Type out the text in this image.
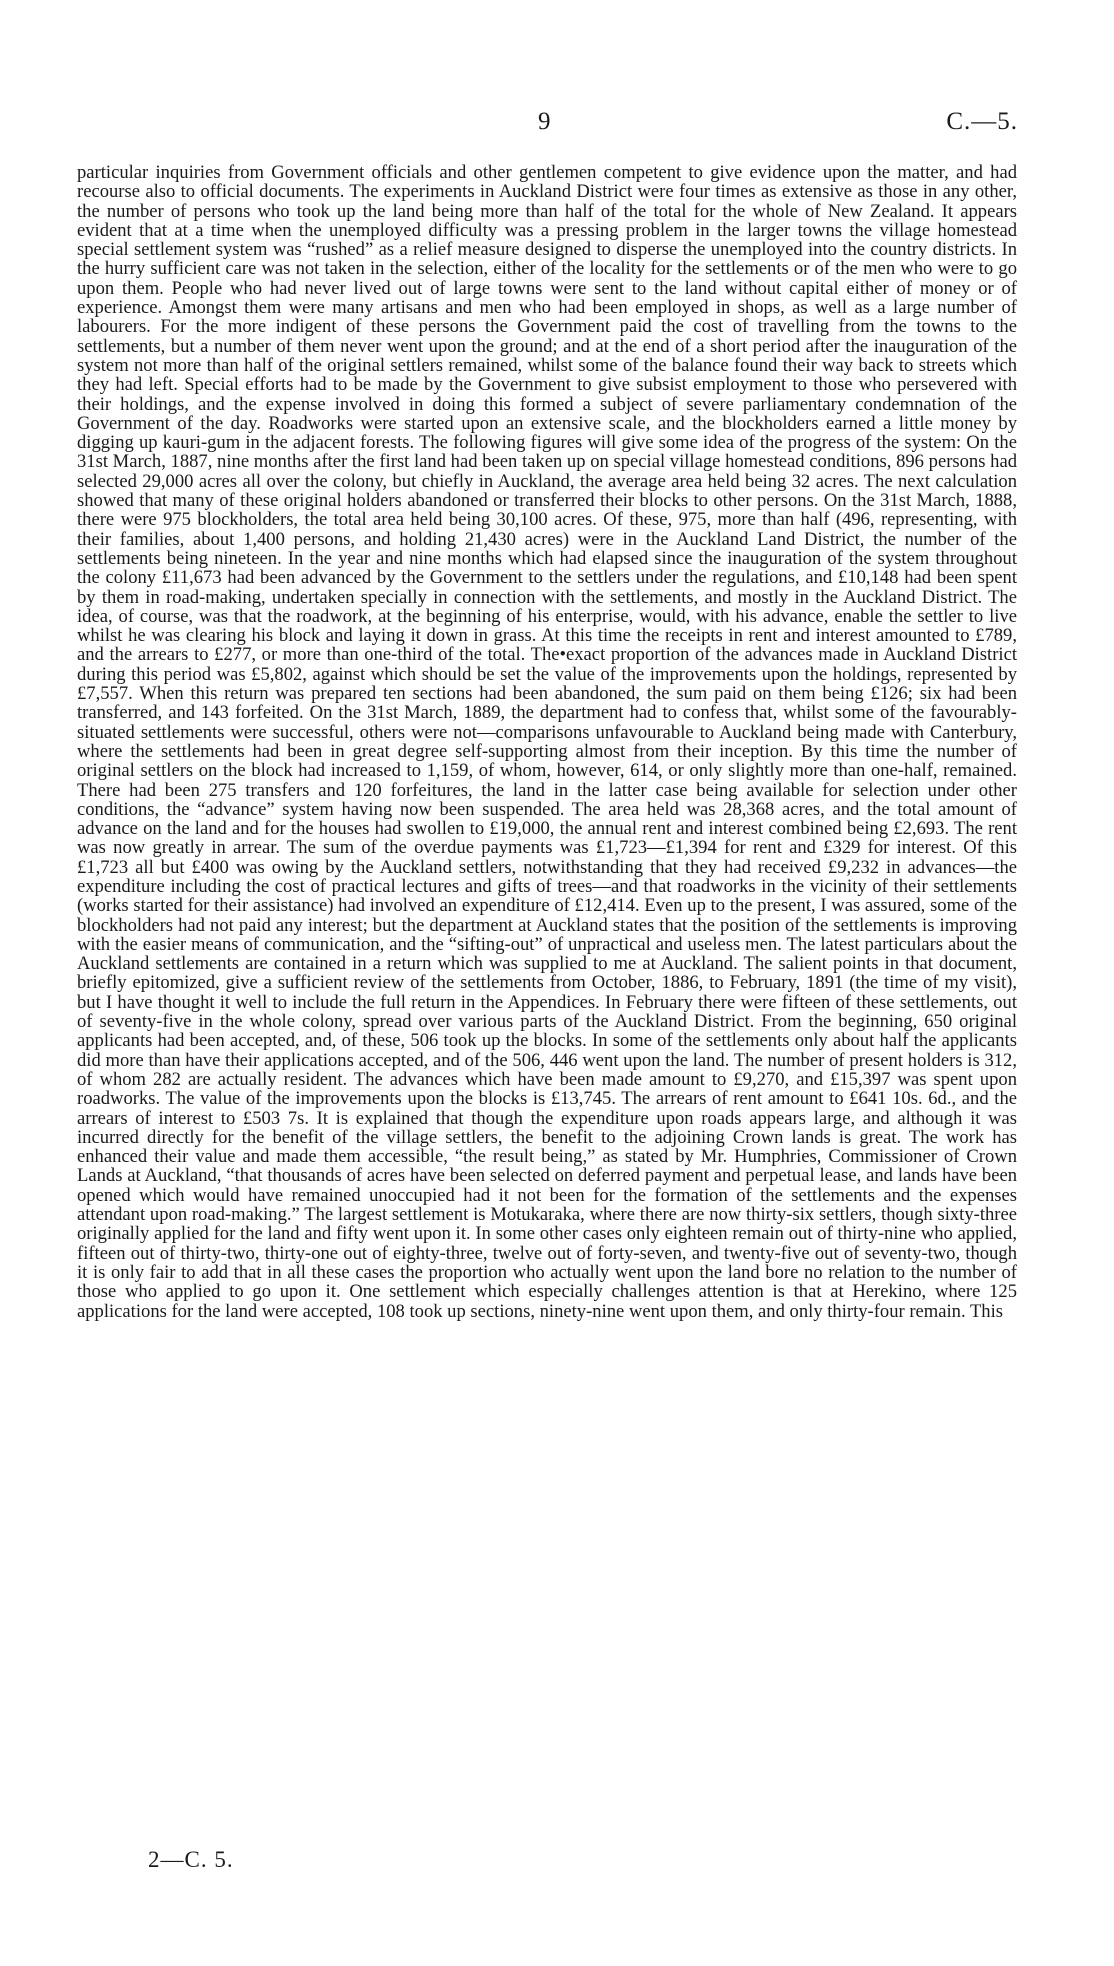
9	C.—5.

particular inquiries from Government officials and other gentlemen competent to give evidence upon the matter, and had recourse also to official documents. The experiments in Auckland District were four times as extensive as those in any other, the number of persons who took up the land being more than half of the total for the whole of New Zealand. It appears evident that at a time when the unemployed difficulty was a pressing problem in the larger towns the village homestead special settlement system was “rushed” as a relief measure designed to disperse the unemployed into the country districts. In the hurry sufficient care was not taken in the selection, either of the locality for the settlements or of the men who were to go upon them. People who had never lived out of large towns were sent to the land without capital either of money or of experience. Amongst them were many artisans and men who had been employed in shops, as well as a large number of labourers. For the more indigent of these persons the Government paid the cost of travelling from the towns to the settlements, but a number of them never went upon the ground; and at the end of a short period after the inauguration of the system not more than half of the original settlers remained, whilst some of the balance found their way back to streets which they had left. Special efforts had to be made by the Government to give subsist employment to those who persevered with their holdings, and the expense involved in doing this formed a subject of severe parliamentary condemnation of the Government of the day. Roadworks were started upon an extensive scale, and the blockholders earned a little money by digging up kauri-gum in the adjacent forests. The following figures will give some idea of the progress of the system: On the 31st March, 1887, nine months after the first land had been taken up on special village homestead conditions, 896 persons had selected 29,000 acres all over the colony, but chiefly in Auckland, the average area held being 32 acres. The next calculation showed that many of these original holders abandoned or transferred their blocks to other persons. On the 31st March, 1888, there were 975 blockholders, the total area held being 30,100 acres. Of these, 975, more than half (496, representing, with their families, about 1,400 persons, and holding 21,430 acres) were in the Auckland Land District, the number of the settlements being nineteen. In the year and nine months which had elapsed since the inauguration of the system throughout the colony £11,673 had been advanced by the Government to the settlers under the regulations, and £10,148 had been spent by them in road-making, undertaken specially in connection with the settlements, and mostly in the Auckland District. The idea, of course, was that the roadwork, at the beginning of his enterprise, would, with his advance, enable the settler to live whilst he was clearing his block and laying it down in grass. At this time the receipts in rent and interest amounted to £789, and the arrears to £277, or more than one-third of the total. The•exact proportion of the advances made in Auckland District during this period was £5,802, against which should be set the value of the improvements upon the holdings, represented by £7,557. When this return was prepared ten sections had been abandoned, the sum paid on them being £126; six had been transferred, and 143 forfeited. On the 31st March, 1889, the department had to confess that, whilst some of the favourably-situated settlements were successful, others were not—comparisons unfavourable to Auckland being made with Canterbury, where the settlements had been in great degree self-supporting almost from their inception. By this time the number of original settlers on the block had increased to 1,159, of whom, however, 614, or only slightly more than one-half, remained. There had been 275 transfers and 120 forfeitures, the land in the latter case being available for selection under other conditions, the “advance” system having now been suspended. The area held was 28,368 acres, and the total amount of advance on the land and for the houses had swollen to £19,000, the annual rent and interest combined being £2,693. The rent was now greatly in arrear. The sum of the overdue payments was £1,723—£1,394 for rent and £329 for interest. Of this £1,723 all but £400 was owing by the Auckland settlers, notwithstanding that they had received £9,232 in advances—the expenditure including the cost of practical lectures and gifts of trees—and that roadworks in the vicinity of their settlements (works started for their assistance) had involved an expenditure of £12,414. Even up to the present, I was assured, some of the blockholders had not paid any interest; but the department at Auckland states that the position of the settlements is improving with the easier means of communication, and the “sifting-out” of unpractical and useless men. The latest particulars about the Auckland settlements are contained in a return which was supplied to me at Auckland. The salient points in that document, briefly epitomized, give a sufficient review of the settlements from October, 1886, to February, 1891 (the time of my visit), but I have thought it well to include the full return in the Appendices. In February there were fifteen of these settlements, out of seventy-five in the whole colony, spread over various parts of the Auckland District. From the beginning, 650 original applicants had been accepted, and, of these, 506 took up the blocks. In some of the settlements only about half the applicants did more than have their applications accepted, and of the 506, 446 went upon the land. The number of present holders is 312, of whom 282 are actually resident. The advances which have been made amount to £9,270, and £15,397 was spent upon roadworks. The value of the improvements upon the blocks is £13,745. The arrears of rent amount to £641 10s. 6d., and the arrears of interest to £503 7s. It is explained that though the expenditure upon roads appears large, and although it was incurred directly for the benefit of the village settlers, the benefit to the adjoining Crown lands is great. The work has enhanced their value and made them accessible, “the result being,” as stated by Mr. Humphries, Commissioner of Crown Lands at Auckland, “that thousands of acres have been selected on deferred payment and perpetual lease, and lands have been opened which would have remained unoccupied had it not been for the formation of the settlements and the expenses attendant upon road-making.” The largest settlement is Motukaraka, where there are now thirty-six settlers, though sixty-three originally applied for the land and fifty went upon it. In some other cases only eighteen remain out of thirty-nine who applied, fifteen out of thirty-two, thirty-one out of eighty-three, twelve out of forty-seven, and twenty-five out of seventy-two, though it is only fair to add that in all these cases the proportion who actually went upon the land bore no relation to the number of those who applied to go upon it. One settlement which especially challenges attention is that at Herekino, where 125 applications for the land were accepted, 108 took up sections, ninety-nine went upon them, and only thirty-four remain. This

2—C. 5.
